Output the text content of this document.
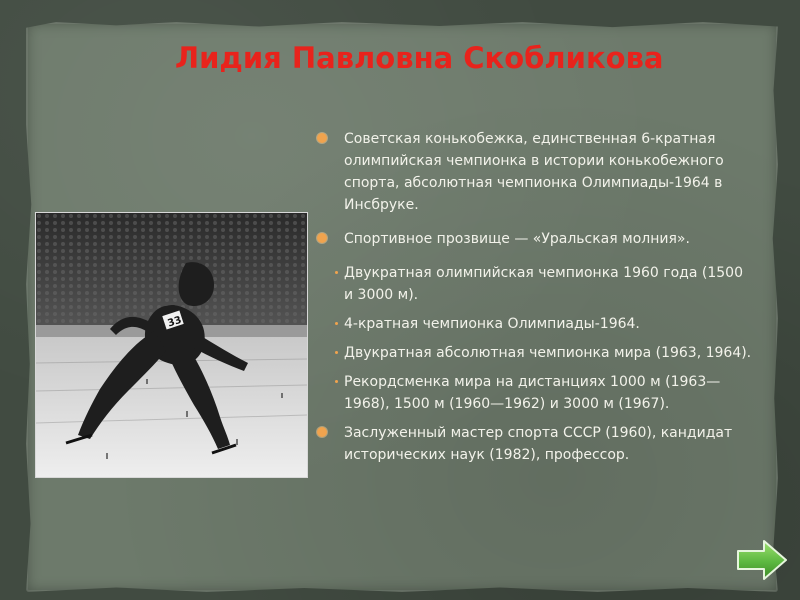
Лидия Павловна Скобликова
33
Советская конькобежка, единственная 6-кратная олимпийская чемпионка в истории конькобежного спорта, абсолютная чемпионка Олимпиады-1964 в Инсбруке.
Спортивное прозвище — «Уральская молния».
Двукратная олимпийская чемпионка 1960 года (1500 и 3000 м).
4-кратная чемпионка Олимпиады-1964.
Двукратная абсолютная чемпионка мира (1963, 1964).
Рекордсменка мира на дистанциях 1000 м (1963—1968), 1500 м (1960—1962) и 3000 м (1967).
Заслуженный мастер спорта СССР (1960), кандидат исторических наук (1982), профессор.
